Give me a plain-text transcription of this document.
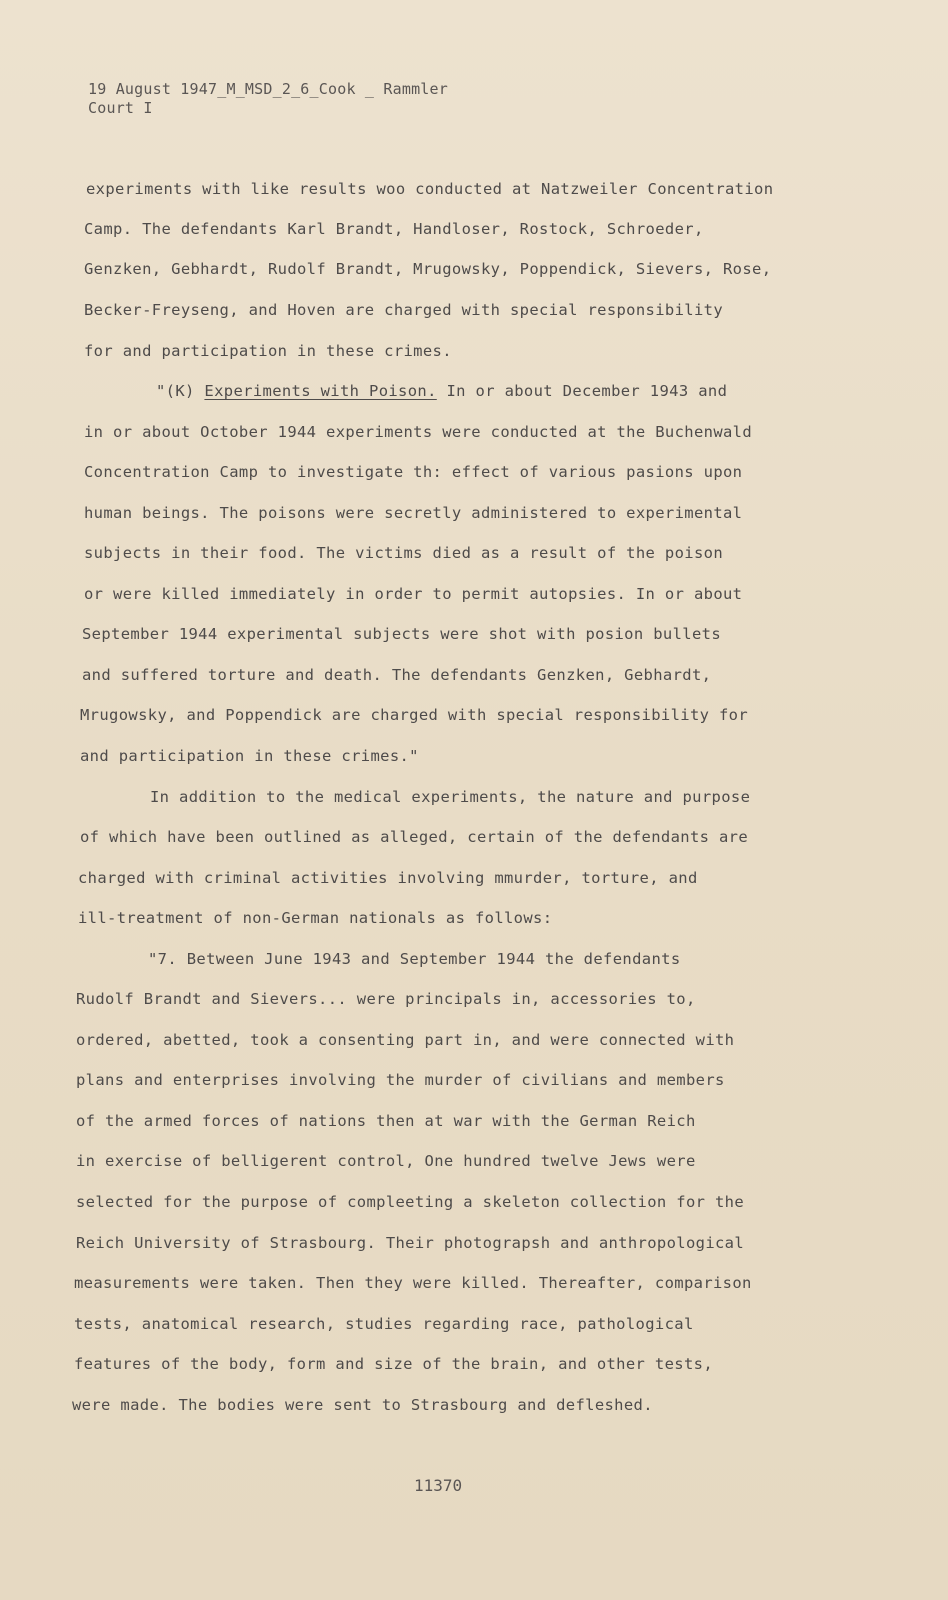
19 August 1947_M_MSD_2_6_Cook _ Rammler
Court I
experiments with like results woo conducted at Natzweiler Concentration
Camp. The defendants Karl Brandt, Handloser, Rostock, Schroeder,
Genzken, Gebhardt, Rudolf Brandt, Mrugowsky, Poppendick, Sievers, Rose,
Becker-Freyseng, and Hoven are charged with special responsibility
for and participation in these crimes.
"(K) Experiments with Poison. In or about December 1943 and
in or about October 1944 experiments were conducted at the Buchenwald
Concentration Camp to investigate th: effect of various pasions upon
human beings. The poisons were secretly administered to experimental
subjects in their food. The victims died as a result of the poison
or were killed immediately in order to permit autopsies. In or about
September 1944 experimental subjects were shot with posion bullets
and suffered torture and death. The defendants Genzken, Gebhardt,
Mrugowsky, and Poppendick are charged with special responsibility for
and participation in these crimes."
In addition to the medical experiments, the nature and purpose
of which have been outlined as alleged, certain of the defendants are
charged with criminal activities involving mmurder, torture, and
ill-treatment of non-German nationals as follows:
"7. Between June 1943 and September 1944 the defendants
Rudolf Brandt and Sievers... were principals in, accessories to,
ordered, abetted, took a consenting part in, and were connected with
plans and enterprises involving the murder of civilians and members
of the armed forces of nations then at war with the German Reich
in exercise of belligerent control, One hundred twelve Jews were
selected for the purpose of compleeting a skeleton collection for the
Reich University of Strasbourg. Their photograpsh and anthropological
measurements were taken. Then they were killed. Thereafter, comparison
tests, anatomical research, studies regarding race, pathological
features of the body, form and size of the brain, and other tests,
were made. The bodies were sent to Strasbourg and defleshed.
11370
